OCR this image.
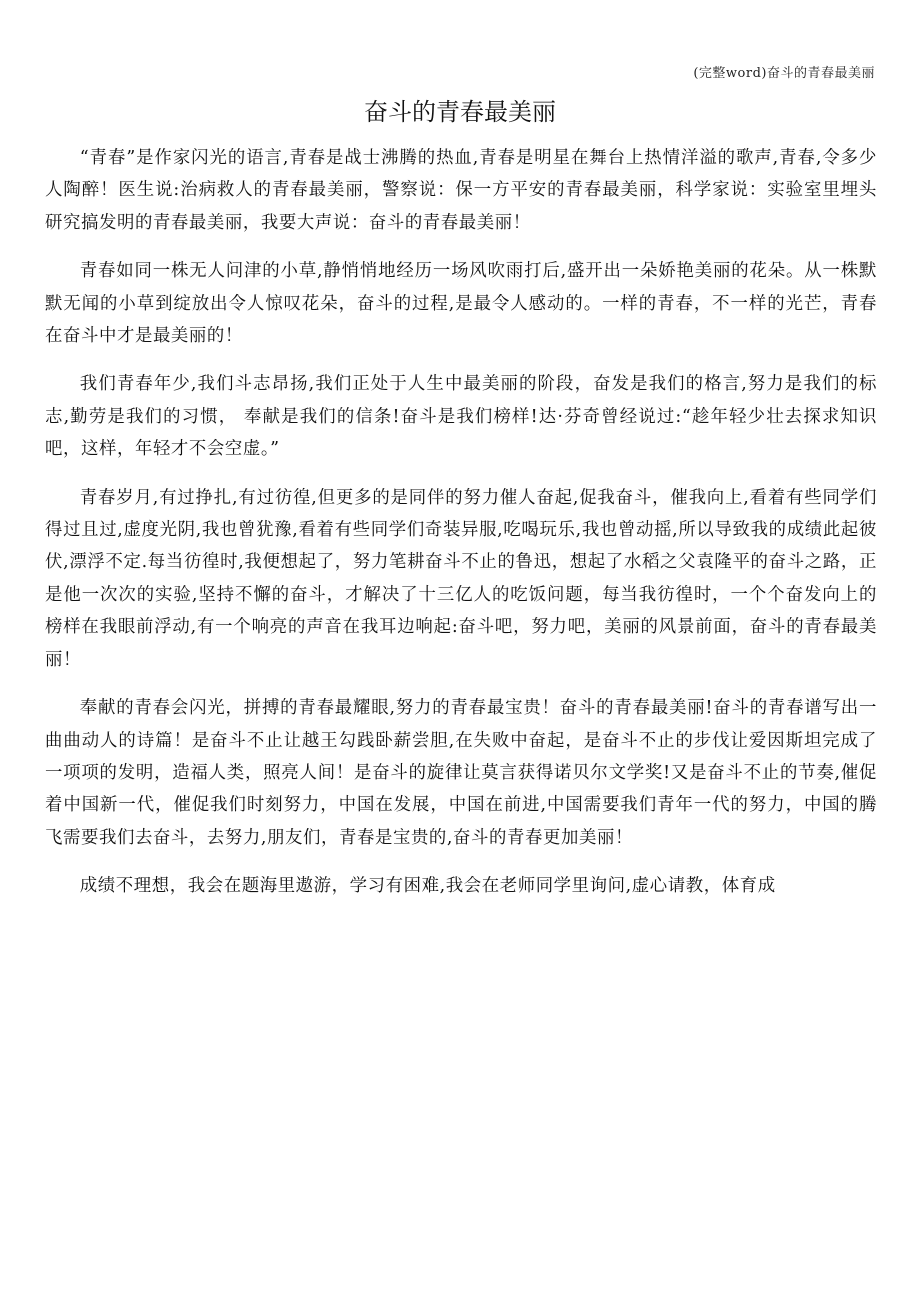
(完整word)奋斗的青春最美丽
奋斗的青春最美丽

“青春”是作家闪光的语言,青春是战士沸腾的热血,青春是明星在舞台上热情洋溢的歌声,青春,令多少人陶醉！医生说:治病救人的青春最美丽，警察说：保一方平安的青春最美丽，科学家说：实验室里埋头研究搞发明的青春最美丽，我要大声说：奋斗的青春最美丽！

青春如同一株无人问津的小草,静悄悄地经历一场风吹雨打后,盛开出一朵娇艳美丽的花朵。从一株默默无闻的小草到绽放出令人惊叹花朵，奋斗的过程,是最令人感动的。一样的青春，不一样的光芒，青春在奋斗中才是最美丽的！

我们青春年少,我们斗志昂扬,我们正处于人生中最美丽的阶段，奋发是我们的格言,努力是我们的标志,勤劳是我们的习惯， 奉献是我们的信条!奋斗是我们榜样!达·芬奇曾经说过:“趁年轻少壮去探求知识吧，这样，年轻才不会空虚。”

青春岁月,有过挣扎,有过彷徨,但更多的是同伴的努力催人奋起,促我奋斗，催我向上,看着有些同学们得过且过,虚度光阴,我也曾犹豫,看着有些同学们奇装异服,吃喝玩乐,我也曾动摇,所以导致我的成绩此起彼伏,漂浮不定.每当彷徨时,我便想起了，努力笔耕奋斗不止的鲁迅，想起了水稻之父袁隆平的奋斗之路，正是他一次次的实验,坚持不懈的奋斗，才解决了十三亿人的吃饭问题，每当我彷徨时，一个个奋发向上的榜样在我眼前浮动,有一个响亮的声音在我耳边响起:奋斗吧，努力吧，美丽的风景前面，奋斗的青春最美丽！

奉献的青春会闪光，拼搏的青春最耀眼,努力的青春最宝贵！奋斗的青春最美丽!奋斗的青春谱写出一曲曲动人的诗篇！是奋斗不止让越王勾践卧薪尝胆,在失败中奋起，是奋斗不止的步伐让爱因斯坦完成了一项项的发明，造福人类，照亮人间！是奋斗的旋律让莫言获得诺贝尔文学奖!又是奋斗不止的节奏,催促着中国新一代，催促我们时刻努力，中国在发展，中国在前进,中国需要我们青年一代的努力，中国的腾飞需要我们去奋斗，去努力,朋友们，青春是宝贵的,奋斗的青春更加美丽！

成绩不理想，我会在题海里遨游，学习有困难,我会在老师同学里询问,虚心请教，体育成
